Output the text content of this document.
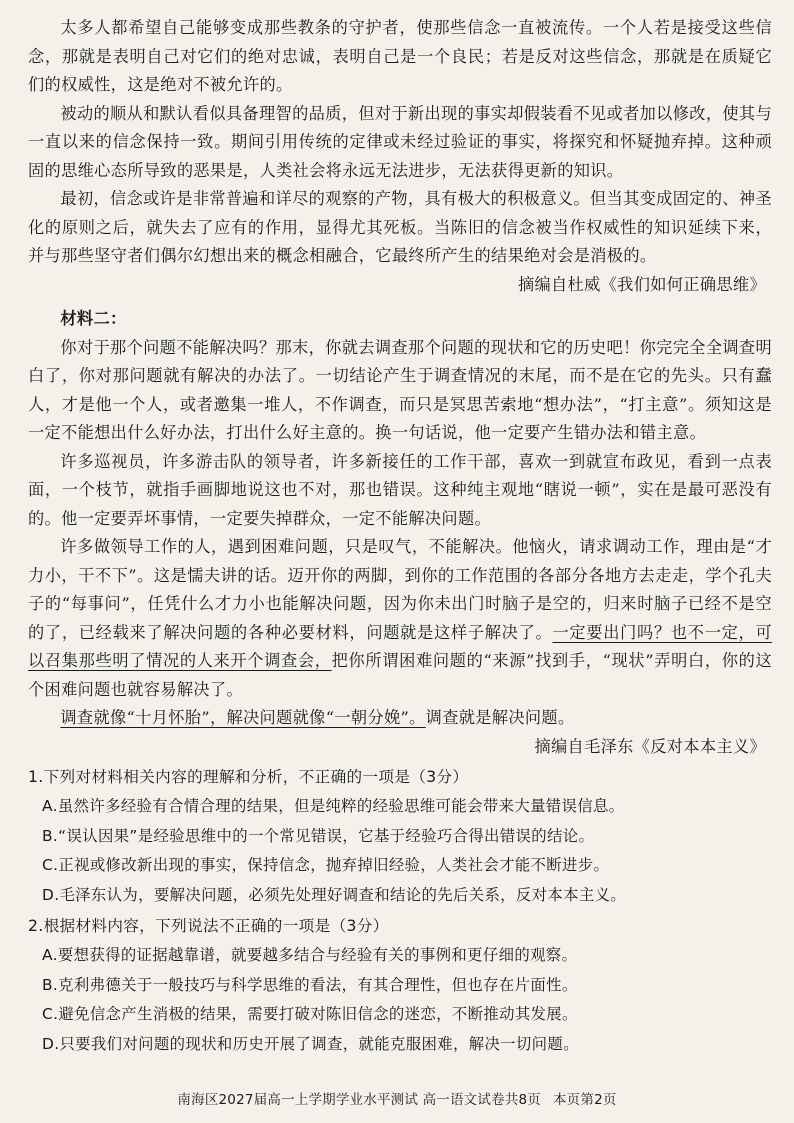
太多人都希望自己能够变成那些教条的守护者，使那些信念一直被流传。一个人若是接受这些信念，那就是表明自己对它们的绝对忠诚，表明自己是一个良民；若是反对这些信念，那就是在质疑它们的权威性，这是绝对不被允许的。

被动的顺从和默认看似具备理智的品质，但对于新出现的事实却假装看不见或者加以修改，使其与一直以来的信念保持一致。期间引用传统的定律或未经过验证的事实，将探究和怀疑抛弃掉。这种顽固的思维心态所导致的恶果是，人类社会将永远无法进步，无法获得更新的知识。

最初，信念或许是非常普遍和详尽的观察的产物，具有极大的积极意义。但当其变成固定的、神圣化的原则之后，就失去了应有的作用，显得尤其死板。当陈旧的信念被当作权威性的知识延续下来，并与那些坚守者们偶尔幻想出来的概念相融合，它最终所产生的结果绝对会是消极的。

摘编自杜威《我们如何正确思维》

材料二：

你对于那个问题不能解决吗？那末，你就去调查那个问题的现状和它的历史吧！你完完全全调查明白了，你对那问题就有解决的办法了。一切结论产生于调查情况的末尾，而不是在它的先头。只有蠢人，才是他一个人，或者邀集一堆人，不作调查，而只是冥思苦索地“想办法”，“打主意”。须知这是一定不能想出什么好办法，打出什么好主意的。换一句话说，他一定要产生错办法和错主意。

许多巡视员，许多游击队的领导者，许多新接任的工作干部，喜欢一到就宣布政见，看到一点表面，一个枝节，就指手画脚地说这也不对，那也错误。这种纯主观地“瞎说一顿”，实在是最可恶没有的。他一定要弄坏事情，一定要失掉群众，一定不能解决问题。

许多做领导工作的人，遇到困难问题，只是叹气，不能解决。他恼火，请求调动工作，理由是“才力小，干不下”。这是懦夫讲的话。迈开你的两脚，到你的工作范围的各部分各地方去走走，学个孔夫子的“每事问”，任凭什么才力小也能解决问题，因为你未出门时脑子是空的，归来时脑子已经不是空的了，已经载来了解决问题的各种必要材料，问题就是这样子解决了。一定要出门吗？也不一定，可以召集那些明了情况的人来开个调查会，把你所谓困难问题的“来源”找到手，“现状”弄明白，你的这个困难问题也就容易解决了。

调查就像“十月怀胎”，解决问题就像“一朝分娩”。调查就是解决问题。

摘编自毛泽东《反对本本主义》

1.下列对材料相关内容的理解和分析，不正确的一项是（3分）

A.虽然许多经验有合情合理的结果，但是纯粹的经验思维可能会带来大量错误信息。

B.“误认因果”是经验思维中的一个常见错误，它基于经验巧合得出错误的结论。

C.正视或修改新出现的事实，保持信念，抛弃掉旧经验，人类社会才能不断进步。

D.毛泽东认为，要解决问题，必须先处理好调查和结论的先后关系，反对本本主义。

2.根据材料内容，下列说法不正确的一项是（3分）

A.要想获得的证据越靠谱，就要越多结合与经验有关的事例和更仔细的观察。

B.克利弗德关于一般技巧与科学思维的看法，有其合理性，但也存在片面性。

C.避免信念产生消极的结果，需要打破对陈旧信念的迷恋，不断推动其发展。

D.只要我们对问题的现状和历史开展了调查，就能克服困难，解决一切问题。

南海区2027届高一上学期学业水平测试 高一语文试卷共8页 本页第2页
